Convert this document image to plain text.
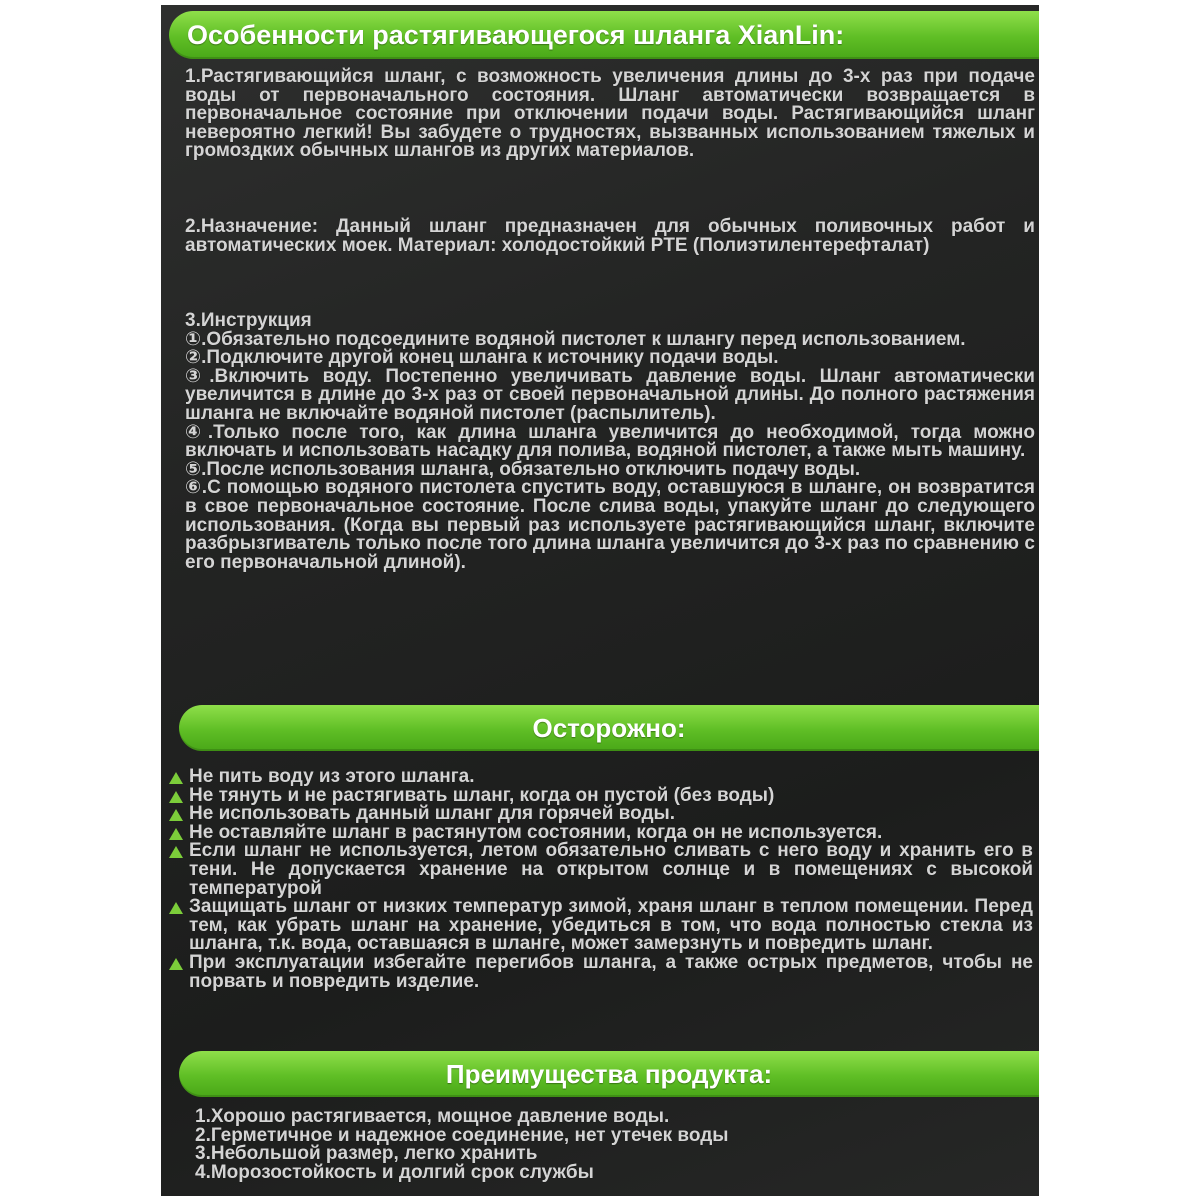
Особенности растягивающегося шланга XianLin:

1.Растягивающийся шланг, с возможность увеличения длины до 3-х раз при подаче воды от первоначального состояния. Шланг автоматически возвращается в первоначальное состояние при отключении подачи воды. Растягивающийся шланг невероятно легкий! Вы забудете о трудностях, вызванных использованием тяжелых и громоздких обычных шлангов из других материалов.

2.Назначение: Данный шланг предназначен для обычных поливочных работ и автоматических моек. Материал: холодостойкий PTE (Полиэтилентерефталат)

3.Инструкция

①.Обязательно подсоедините водяной пистолет к шлангу перед использованием.

②.Подключите другой конец шланга к источнику подачи воды.

③.Включить воду. Постепенно увеличивать давление воды. Шланг автоматически увеличится в длине до 3-х раз от своей первоначальной длины. До полного растяжения шланга не включайте водяной пистолет (распылитель).

④.Только после того, как длина шланга увеличится до необходимой, тогда можно включать и использовать насадку для полива, водяной пистолет, а также мыть машину.

⑤.После использования шланга, обязательно отключить подачу воды.

⑥.С помощью водяного пистолета спустить воду, оставшуюся в шланге, он возвратится в свое первоначальное состояние. После слива воды, упакуйте шланг до следующего использования. (Когда вы первый раз используете растягивающийся шланг, включите разбрызгиватель только после того длина шланга увеличится до 3-х раз по сравнению с его первоначальной длиной).

Осторожно:
Не пить воду из этого шланга.
Не тянуть и не растягивать шланг, когда он пустой (без воды)
Не использовать данный шланг для горячей воды.
Не оставляйте шланг в растянутом состоянии, когда он не используется.
Если шланг не используется, летом обязательно сливать с него воду и хранить его в тени. Не допускается хранение на открытом солнце и в помещениях с высокой температурой
Защищать шланг от низких температур зимой, храня шланг в теплом помещении. Перед тем, как убрать шланг на хранение, убедиться в том, что вода полностью стекла из шланга, т.к. вода, оставшаяся в шланге, может замерзнуть и повредить шланг.
При эксплуатации избегайте перегибов шланга, а также острых предметов, чтобы не порвать и повредить изделие.
Преимущества продукта:

1.Хорошо растягивается, мощное давление воды.

2.Герметичное и надежное соединение, нет утечек воды

3.Небольшой размер, легко хранить

4.Морозостойкость и долгий срок службы
